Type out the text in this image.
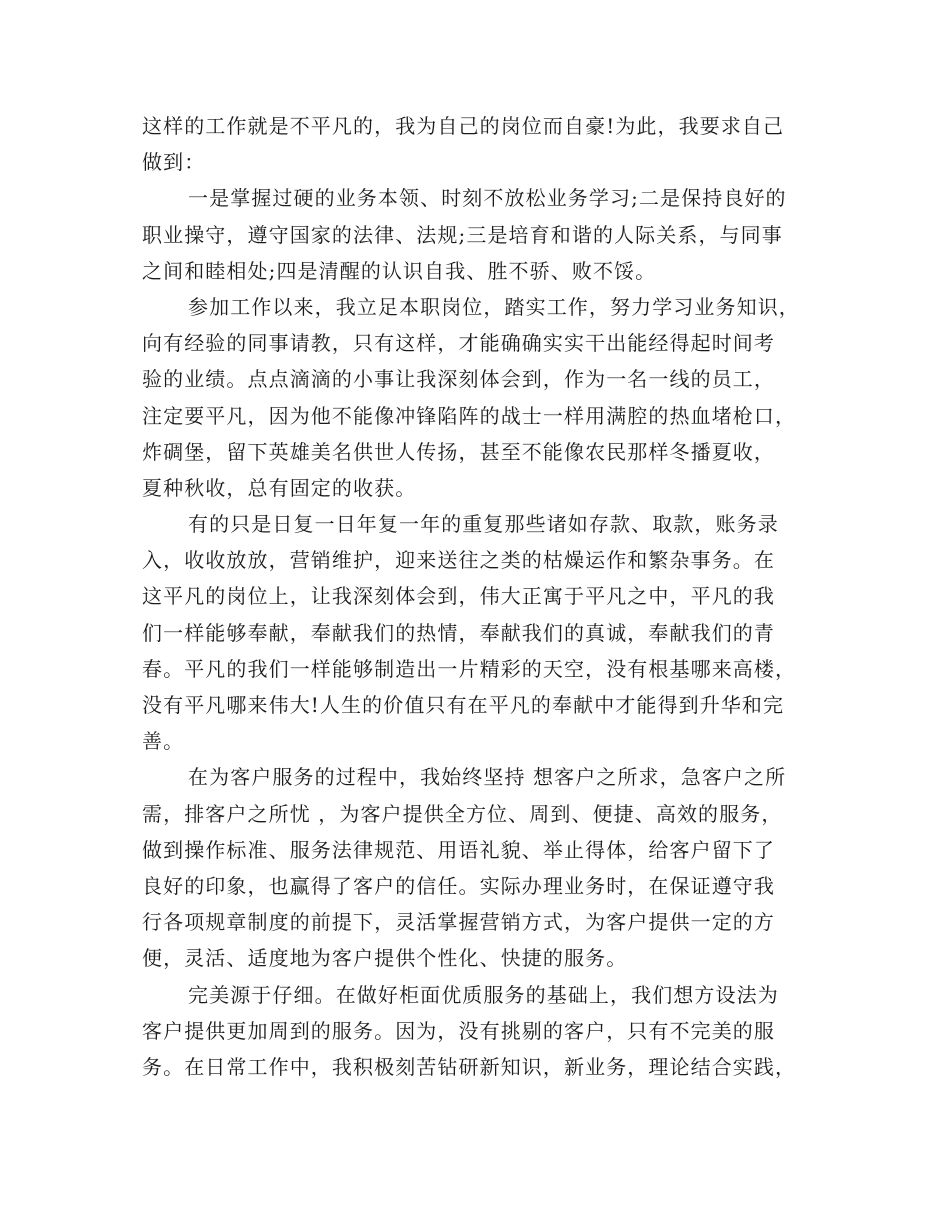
这样的工作就是不平凡的，我为自己的岗位而自豪!为此，我要求自己
做到：
一是掌握过硬的业务本领、时刻不放松业务学习;二是保持良好的
职业操守，遵守国家的法律、法规;三是培育和谐的人际关系，与同事
之间和睦相处;四是清醒的认识自我、胜不骄、败不馁。
参加工作以来，我立足本职岗位，踏实工作，努力学习业务知识，
向有经验的同事请教，只有这样，才能确确实实干出能经得起时间考
验的业绩。点点滴滴的小事让我深刻体会到，作为一名一线的员工，
注定要平凡，因为他不能像冲锋陷阵的战士一样用满腔的热血堵枪口，
炸碉堡，留下英雄美名供世人传扬，甚至不能像农民那样冬播夏收，
夏种秋收，总有固定的收获。
有的只是日复一日年复一年的重复那些诸如存款、取款，账务录
入，收收放放，营销维护，迎来送往之类的枯燥运作和繁杂事务。在
这平凡的岗位上，让我深刻体会到，伟大正寓于平凡之中，平凡的我
们一样能够奉献，奉献我们的热情，奉献我们的真诚，奉献我们的青
春。平凡的我们一样能够制造出一片精彩的天空，没有根基哪来高楼，
没有平凡哪来伟大!人生的价值只有在平凡的奉献中才能得到升华和完
善。
在为客户服务的过程中，我始终坚持 想客户之所求，急客户之所
需，排客户之所忧 ，为客户提供全方位、周到、便捷、高效的服务，
做到操作标准、服务法律规范、用语礼貌、举止得体，给客户留下了
良好的印象，也赢得了客户的信任。实际办理业务时，在保证遵守我
行各项规章制度的前提下，灵活掌握营销方式，为客户提供一定的方
便，灵活、适度地为客户提供个性化、快捷的服务。
完美源于仔细。在做好柜面优质服务的基础上，我们想方设法为
客户提供更加周到的服务。因为，没有挑剔的客户，只有不完美的服
务。在日常工作中，我积极刻苦钻研新知识，新业务，理论结合实践，
